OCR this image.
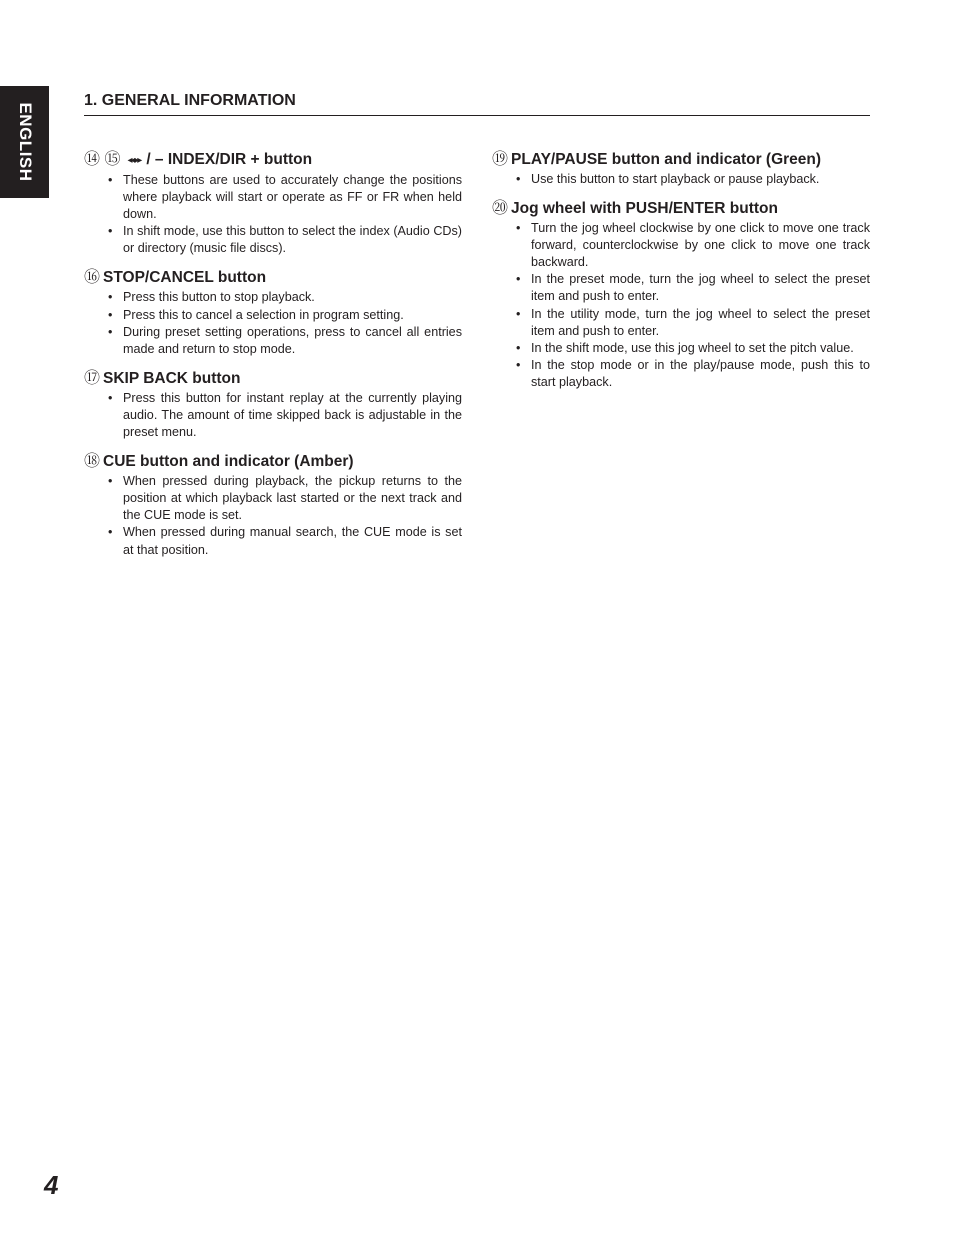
ENGLISH
1. GENERAL INFORMATION
⑭ ⑮ ◂◂ ▸▸ / – INDEX/DIR + button
• These buttons are used to accurately change the positions where playback will start or operate as FF or FR when held down.
• In shift mode, use this button to select the index (Audio CDs) or directory (music file discs).
⑯ STOP/CANCEL button
• Press this button to stop playback.
• Press this to cancel a selection in program setting.
• During preset setting operations, press to cancel all entries made and return to stop mode.
⑰ SKIP BACK button
• Press this button for instant replay at the currently playing audio. The amount of time skipped back is adjustable in the preset menu.
⑱ CUE button and indicator (Amber)
• When pressed during playback, the pickup returns to the position at which playback last started or the next track and the CUE mode is set.
• When pressed during manual search, the CUE mode is set at that position.
⑲ PLAY/PAUSE button and indicator (Green)
• Use this button to start playback or pause playback.
⑳ Jog wheel with PUSH/ENTER button
• Turn the jog wheel clockwise by one click to move one track forward, counterclockwise by one click to move one track backward.
• In the preset mode, turn the jog wheel to select the preset item and push to enter.
• In the utility mode, turn the jog wheel to select the preset item and push to enter.
• In the shift mode, use this jog wheel to set the pitch value.
• In the stop mode or in the play/pause mode, push this to start playback.
4
